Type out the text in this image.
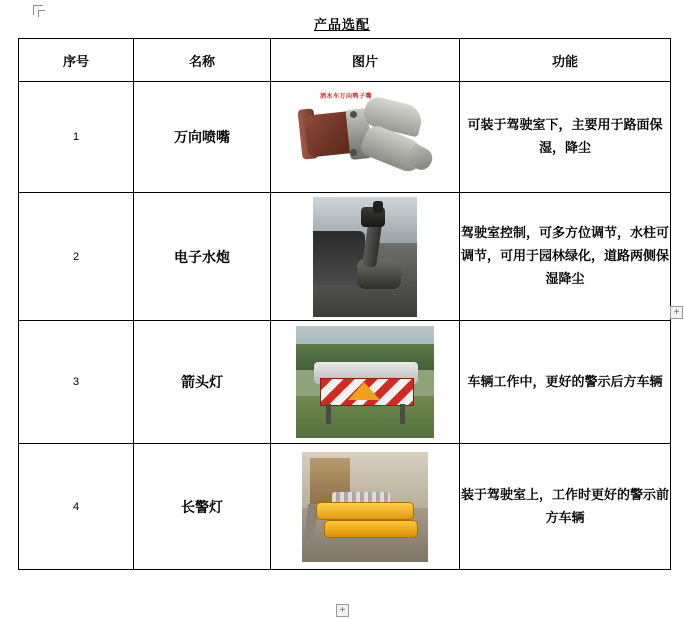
产品选配
序号	名称	图片	功能
1	万向喷嘴	洒水车万向鸭子嘴	可装于驾驶室下，主要用于路面保湿，降尘
2	电子水炮		驾驶室控制，可多方位调节，水柱可调节，可用于园林绿化，道路两侧保湿降尘
3	箭头灯		车辆工作中，更好的警示后方车辆
4	长警灯		装于驾驶室上，工作时更好的警示前方车辆
+
+
